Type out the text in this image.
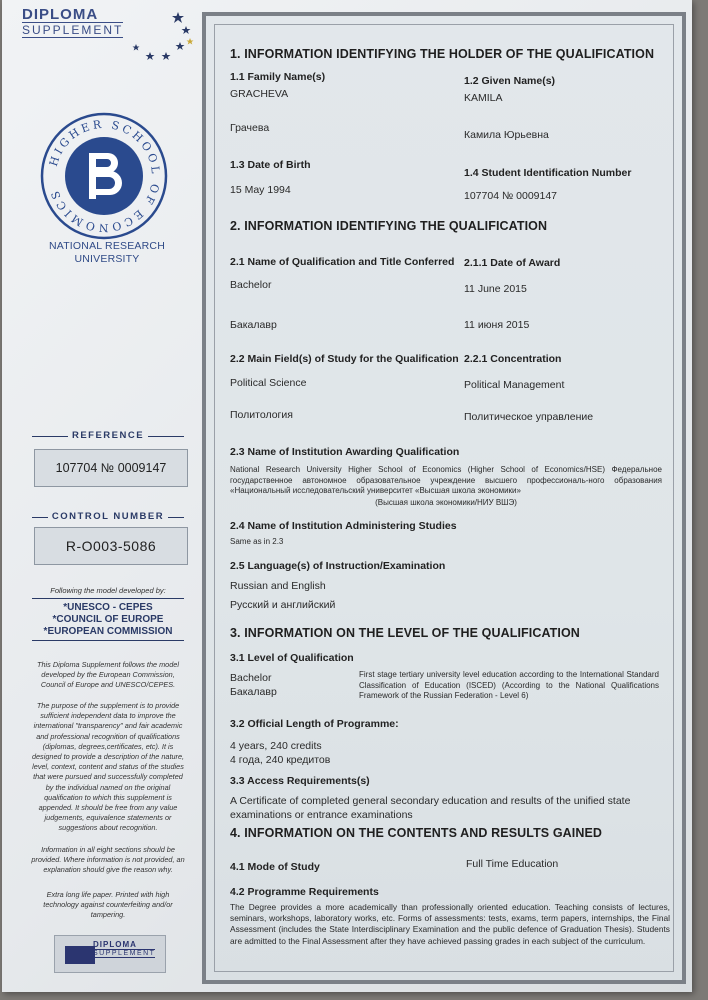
DIPLOMA
SUPPLEMENT
HIGHER SCHOOL OF ECONOMICS
NATIONAL RESEARCH
UNIVERSITY
REFERENCE
107704 № 0009147
CONTROL NUMBER
R-O003-5086
Following the model developed by:
*UNESCO - CEPES
*COUNCIL OF EUROPE
*EUROPEAN COMMISSION
This Diploma Supplement follows the model developed by the European Commission, Council of Europe and UNESCO/CEPES.
The purpose of the supplement is to provide sufficient independent data to improve the international "transparency" and fair academic and professional recognition of qualifications (diplomas, degrees,certificates, etc). It is designed to provide a description of the nature, level, context, content and status of the studies that were pursued and successfully completed by the individual named on the original qualification to which this supplement is appended. It should be free from any value judgements, equivalence statements or suggestions about recognition.
Information in all eight sections should be provided. Where information is not provided, an explanation should give the reason why.
Extra long life paper. Printed with high technology against counterfeiting and/or tampering.
DIPLOMA
SUPPLEMENT
1. INFORMATION IDENTIFYING THE HOLDER OF THE QUALIFICATION
1.1 Family Name(s)
GRACHEVA
Грачева
1.2 Given Name(s)
KAMILA
Камила Юрьевна
1.3 Date of Birth
15 May 1994
1.4 Student Identification Number
107704 № 0009147
2. INFORMATION IDENTIFYING THE QUALIFICATION
2.1 Name of Qualification and Title Conferred
Bachelor
Бакалавр
2.1.1 Date of Award
11 June 2015
11 июня 2015
2.2 Main Field(s) of Study for the Qualification
Political Science
Политология
2.2.1 Concentration
Political Management
Политическое управление
2.3 Name of Institution Awarding Qualification
National Research University Higher School of Economics (Higher School of Economics/HSE) Федеральное государственное автономное образовательное учреждение высшего профессиональ-ного образования «Национальный исследовательский университет «Высшая школа экономики»
(Высшая школа экономики/НИУ ВШЭ)
2.4 Name of Institution Administering Studies
Same as in 2.3
2.5 Language(s) of Instruction/Examination
Russian and English
Русский и английский
3. INFORMATION ON THE LEVEL OF THE QUALIFICATION
3.1 Level of Qualification
Bachelor
Бакалавр
First stage tertiary university level education according to the International Standard Classification of Education (ISCED) (According to the National Qualifications Framework of the Russian Federation - Level 6)
3.2 Official Length of Programme:
4 years, 240 credits
4 года, 240 кредитов
3.3 Access Requirements(s)
A Certificate of completed general secondary education and results of the unified state
examinations or entrance examinations
4. INFORMATION ON THE CONTENTS AND RESULTS GAINED
4.1 Mode of Study	Full Time Education
4.2 Programme Requirements
The Degree provides a more academically than professionally oriented education. Teaching consists of lectures, seminars, workshops, laboratory works, etc. Forms of assessments: tests, exams, term papers, internships, the Final Assessment (includes the State Interdisciplinary Examination and the public defence of Graduation Thesis). Students are admitted to the Final Assessment after they have achieved passing grades in each subject of the curriculum.
